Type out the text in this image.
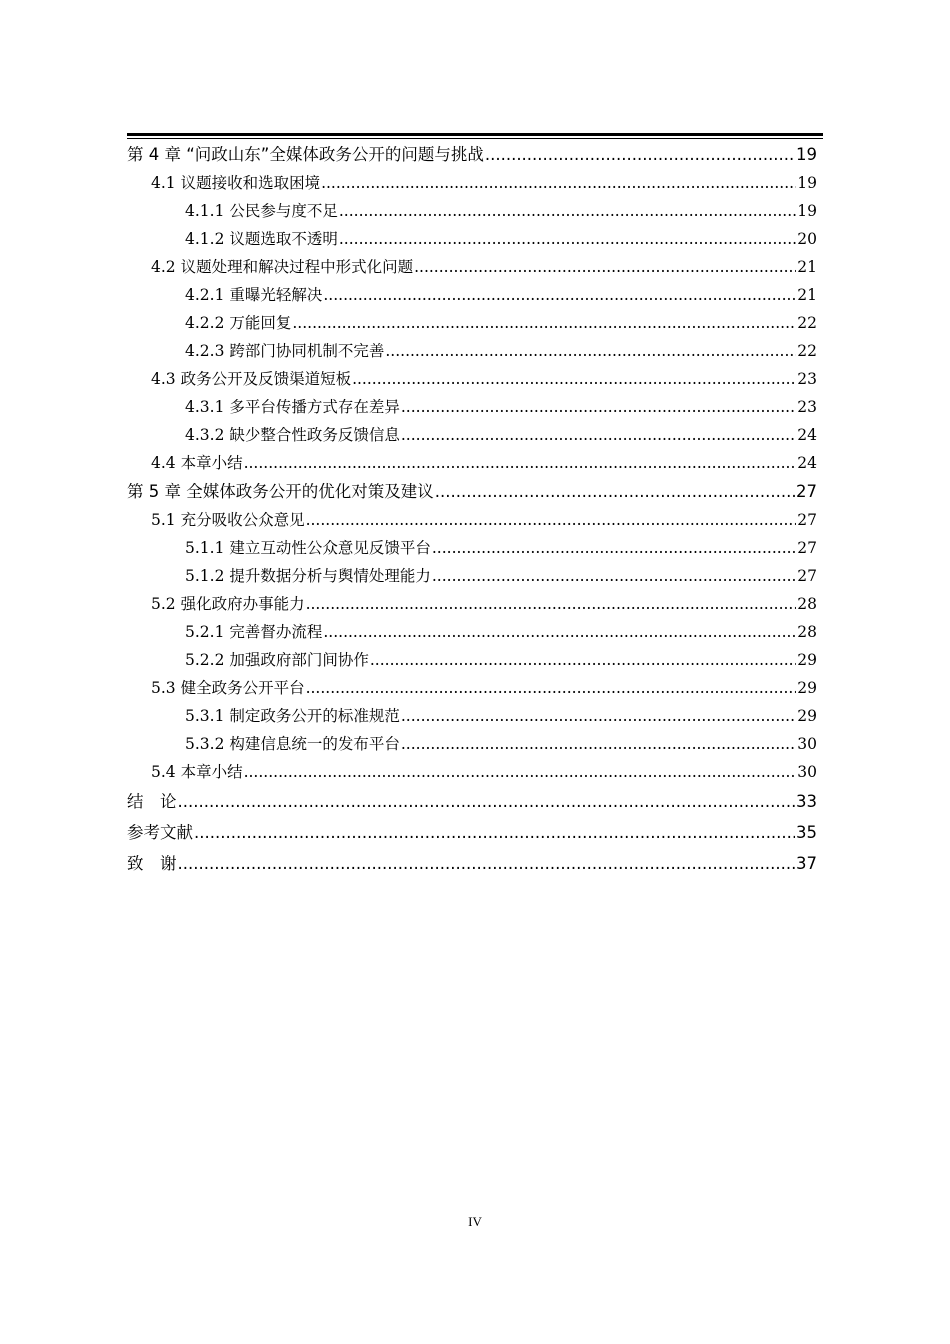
第 4 章 “问政山东”全媒体政务公开的问题与挑战 .....	19
4.1 议题接收和选取困境 .....	19
4.1.1 公民参与度不足 .....	19
4.1.2 议题选取不透明 .....	20
4.2 议题处理和解决过程中形式化问题 .....	21
4.2.1 重曝光轻解决 .....	21
4.2.2 万能回复 .....	22
4.2.3 跨部门协同机制不完善 .....	22
4.3 政务公开及反馈渠道短板 .....	23
4.3.1 多平台传播方式存在差异 .....	23
4.3.2 缺少整合性政务反馈信息 .....	24
4.4 本章小结 .....	24
第 5 章 全媒体政务公开的优化对策及建议 .....	27
5.1 充分吸收公众意见 .....	27
5.1.1 建立互动性公众意见反馈平台 .....	27
5.1.2 提升数据分析与舆情处理能力 .....	27
5.2 强化政府办事能力 .....	28
5.2.1 完善督办流程 .....	28
5.2.2 加强政府部门间协作 .....	29
5.3 健全政务公开平台 .....	29
5.3.1 制定政务公开的标准规范 .....	29
5.3.2 构建信息统一的发布平台 .....	30
5.4 本章小结 .....	30
结　论 .....	33
参考文献 .....	35
致　谢 .....	37
IV
